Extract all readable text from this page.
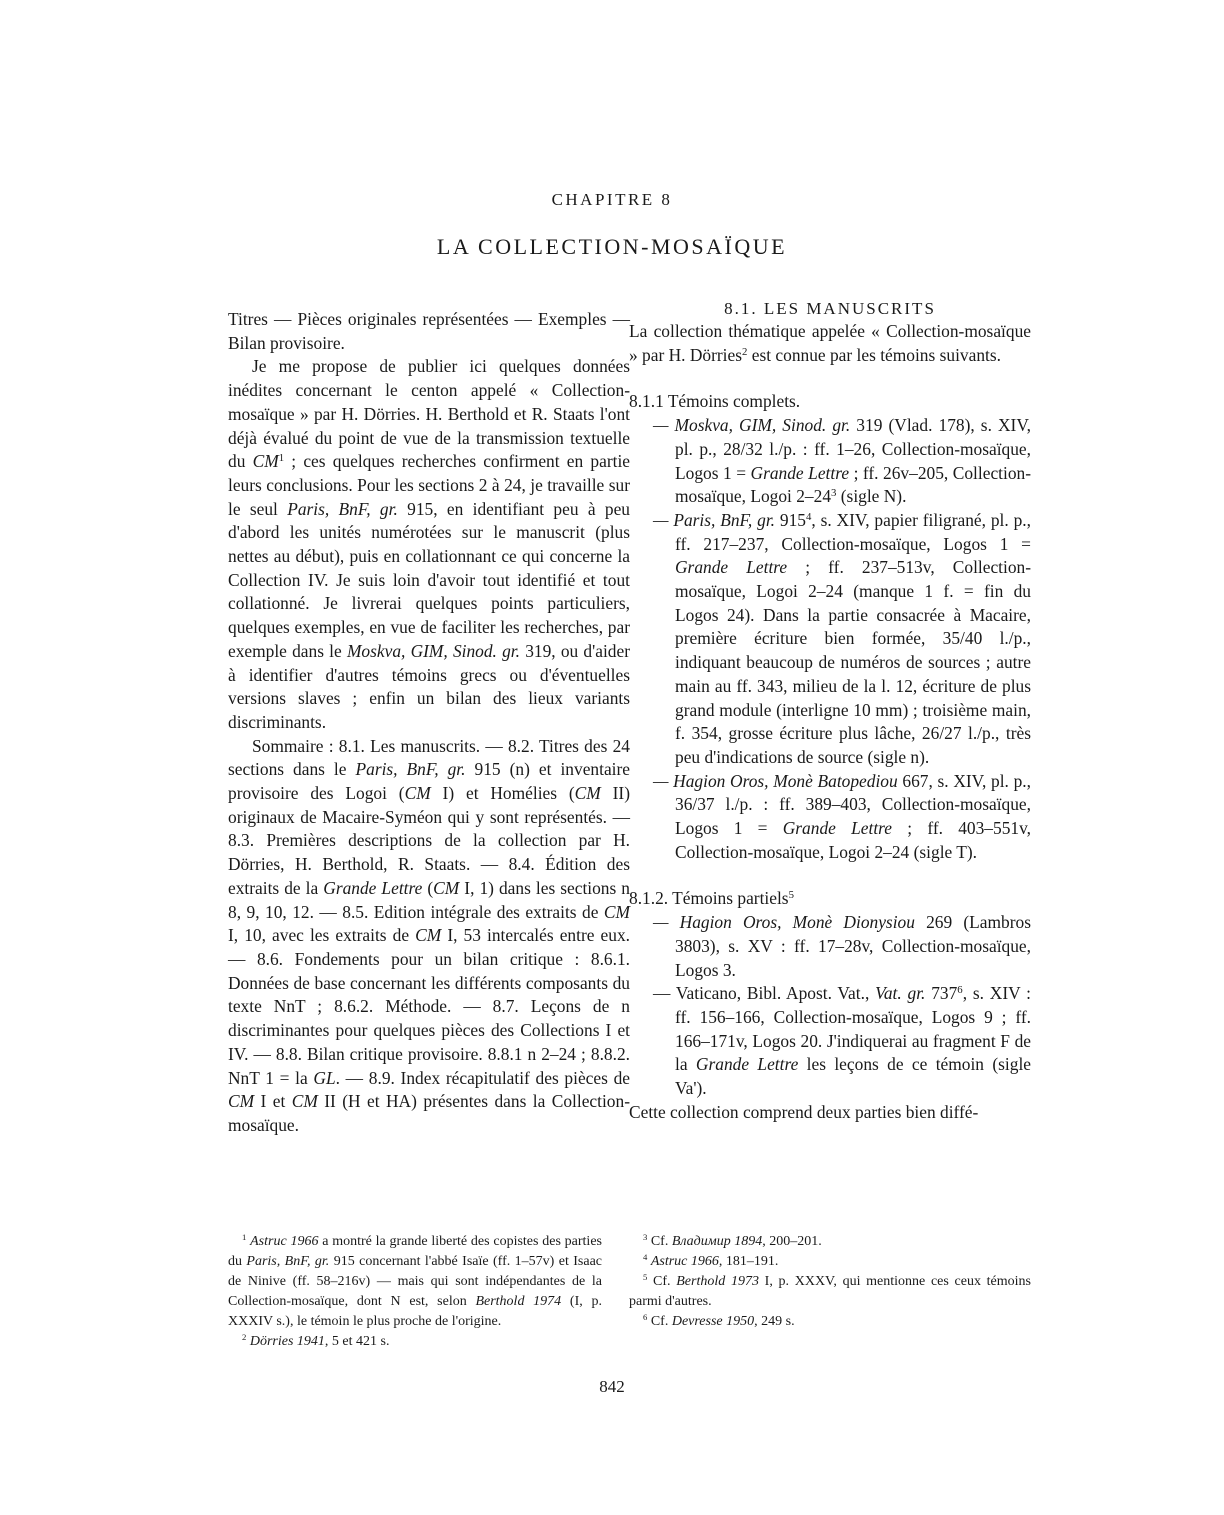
CHAPITRE 8
LA COLLECTION-MOSAÏQUE

Titres — Pièces originales représentées — Exemples — Bilan provisoire.

Je me propose de publier ici quelques données inédites concernant le centon appelé « Collection-mosaïque » par H. Dörries. H. Berthold et R. Staats l'ont déjà évalué du point de vue de la transmission textuelle du $CM^1$ ; ces quelques recherches confirment en partie leurs conclusions. Pour les sections 2 à 24, je travaille sur le seul Paris, BnF, gr. 915, en identifiant peu à peu d'abord les unités numérotées sur le manuscrit (plus nettes au début), puis en collationnant ce qui concerne la Collection IV. Je suis loin d'avoir tout identifié et tout collationné. Je livrerai quelques points particuliers, quelques exemples, en vue de faciliter les recherches, par exemple dans le Moskva, GIM, Sinod. gr. 319, ou d'aider à identifier d'autres témoins grecs ou d'éventuelles versions slaves ; enfin un bilan des lieux variants discriminants.

Sommaire : 8.1. Les manuscrits. — 8.2. Titres des 24 sections dans le Paris, BnF, gr. 915 (n) et inventaire provisoire des Logoi (CM I) et Homélies (CM II) originaux de Macaire-Syméon qui y sont représentés. — 8.3. Premières descriptions de la collection par H. Dörries, H. Berthold, R. Staats. — 8.4. Édition des extraits de la Grande Lettre (CM I, 1) dans les sections n 8, 9, 10, 12. — 8.5. Edition intégrale des extraits de CM I, 10, avec les extraits de CM I, 53 intercalés entre eux. — 8.6. Fondements pour un bilan critique : 8.6.1. Données de base concernant les différents composants du texte NnT ; 8.6.2. Méthode. — 8.7. Leçons de n discriminantes pour quelques pièces des Collections I et IV. — 8.8. Bilan critique provisoire. 8.8.1 n 2–24 ; 8.8.2. NnT 1 = la GL. — 8.9. Index récapitulatif des pièces de CM I et CM II (H et HA) présentes dans la Collection-mosaïque.

8.1. LES MANUSCRITS

La collection thématique appelée « Collection-mosaïque » par H. Dörries$^2$ est connue par les témoins suivants.

8.1.1 Témoins complets.

— Moskva, GIM, Sinod. gr. 319 (Vlad. 178), s. XIV, pl. p., 28/32 l./p. : ff. 1–26, Collection-mosaïque, Logos 1 = Grande Lettre ; ff. 26v–205, Collection-mosaïque, Logoi $2-24^3$ (sigle N).
— Paris, BnF, gr. $915^4$, s. XIV, papier filigrané, pl. p., ff. 217–237, Collection-mosaïque, Logos 1 = Grande Lettre ; ff. 237–513v, Collection-mosaïque, Logoi 2–24 (manque 1 f. = fin du Logos 24). Dans la partie consacrée à Macaire, première écriture bien formée, 35/40 l./p., indiquant beaucoup de numéros de sources ; autre main au ff. 343, milieu de la l. 12, écriture de plus grand module (interligne 10 mm) ; troisième main, f. 354, grosse écriture plus lâche, 26/27 l./p., très peu d'indications de source (sigle n).
— Hagion Oros, Monè Batopediou 667, s. XIV, pl. p., 36/37 l./p. : ff. 389–403, Collection-mosaïque, Logos 1 = Grande Lettre ; ff. 403–551v, Collection-mosaïque, Logoi 2–24 (sigle T).

8.1.2. Témoins partiels$^5$

— Hagion Oros, Monè Dionysiou 269 (Lambros 3803), s. XV : ff. 17–28v, Collection-mosaïque, Logos 3.
— Vaticano, Bibl. Apost. Vat., Vat. gr. $737^6$, s. XIV : ff. 156–166, Collection-mosaïque, Logos 9 ; ff. 166–171v, Logos 20. J'indiquerai au fragment F de la Grande Lettre les leçons de ce témoin (sigle Va').

Cette collection comprend deux parties bien diffé-

$^1$ Astruc 1966 a montré la grande liberté des copistes des parties du Paris, BnF, gr. 915 concernant l'abbé Isaïe (ff. 1–57v) et Isaac de Ninive (ff. 58–216v) — mais qui sont indépendantes de la Collection-mosaïque, dont N est, selon Berthold 1974 (I, p. XXXIV s.), le témoin le plus proche de l'origine.

$^2$ Dörries 1941, 5 et 421 s.

$^3$ Cf. Владимир 1894, 200–201.

$^4$ Astruc 1966, 181–191.

$^5$ Cf. Berthold 1973 I, p. XXXV, qui mentionne ces ceux témoins parmi d'autres.

$^6$ Cf. Devresse 1950, 249 s.

842
